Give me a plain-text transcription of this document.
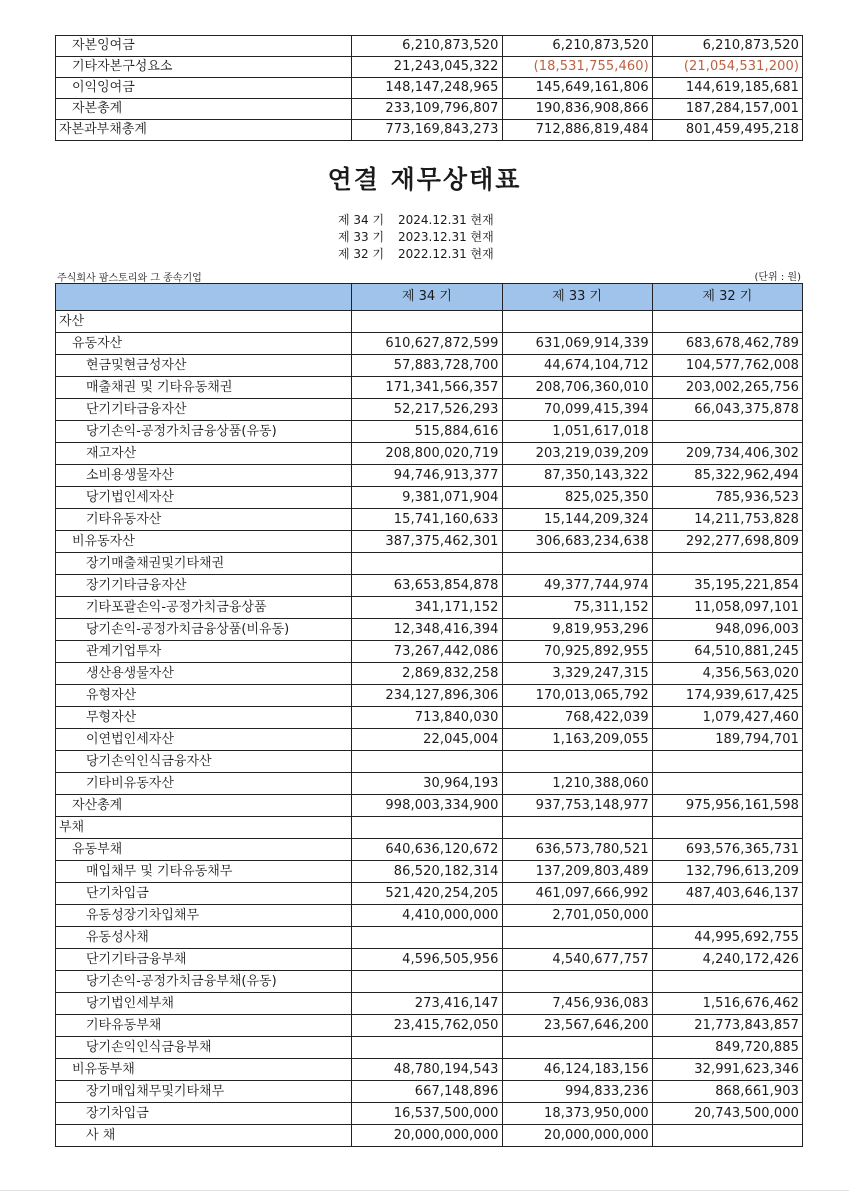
자본잉여금	6,210,873,520	6,210,873,520	6,210,873,520
기타자본구성요소	21,243,045,322	(18,531,755,460)	(21,054,531,200)
이익잉여금	148,147,248,965	145,649,161,806	144,619,185,681
자본총계	233,109,796,807	190,836,908,866	187,284,157,001
자본과부채총계	773,169,843,273	712,886,819,484	801,459,495,218
연결 재무상태표
제 34 기	2024.12.31 현재
제 33 기	2023.12.31 현재
제 32 기	2022.12.31 현재
주식회사 팜스토리와 그 종속기업	(단위 : 원)
	제 34 기	제 33 기	제 32 기
자산			
유동자산	610,627,872,599	631,069,914,339	683,678,462,789
현금및현금성자산	57,883,728,700	44,674,104,712	104,577,762,008
매출채권 및 기타유동채권	171,341,566,357	208,706,360,010	203,002,265,756
단기기타금융자산	52,217,526,293	70,099,415,394	66,043,375,878
당기손익-공정가치금융상품(유동)	515,884,616	1,051,617,018	
재고자산	208,800,020,719	203,219,039,209	209,734,406,302
소비용생물자산	94,746,913,377	87,350,143,322	85,322,962,494
당기법인세자산	9,381,071,904	825,025,350	785,936,523
기타유동자산	15,741,160,633	15,144,209,324	14,211,753,828
비유동자산	387,375,462,301	306,683,234,638	292,277,698,809
장기매출채권및기타채권			
장기기타금융자산	63,653,854,878	49,377,744,974	35,195,221,854
기타포괄손익-공정가치금융상품	341,171,152	75,311,152	11,058,097,101
당기손익-공정가치금융상품(비유동)	12,348,416,394	9,819,953,296	948,096,003
관계기업투자	73,267,442,086	70,925,892,955	64,510,881,245
생산용생물자산	2,869,832,258	3,329,247,315	4,356,563,020
유형자산	234,127,896,306	170,013,065,792	174,939,617,425
무형자산	713,840,030	768,422,039	1,079,427,460
이연법인세자산	22,045,004	1,163,209,055	189,794,701
당기손익인식금융자산			
기타비유동자산	30,964,193	1,210,388,060	
자산총계	998,003,334,900	937,753,148,977	975,956,161,598
부채			
유동부채	640,636,120,672	636,573,780,521	693,576,365,731
매입채무 및 기타유동채무	86,520,182,314	137,209,803,489	132,796,613,209
단기차입금	521,420,254,205	461,097,666,992	487,403,646,137
유동성장기차입채무	4,410,000,000	2,701,050,000	
유동성사채			44,995,692,755
단기기타금융부채	4,596,505,956	4,540,677,757	4,240,172,426
당기손익-공정가치금융부채(유동)			
당기법인세부채	273,416,147	7,456,936,083	1,516,676,462
기타유동부채	23,415,762,050	23,567,646,200	21,773,843,857
당기손익인식금융부채			849,720,885
비유동부채	48,780,194,543	46,124,183,156	32,991,623,346
장기매입채무및기타채무	667,148,896	994,833,236	868,661,903
장기차입금	16,537,500,000	18,373,950,000	20,743,500,000
사 채	20,000,000,000	20,000,000,000	
